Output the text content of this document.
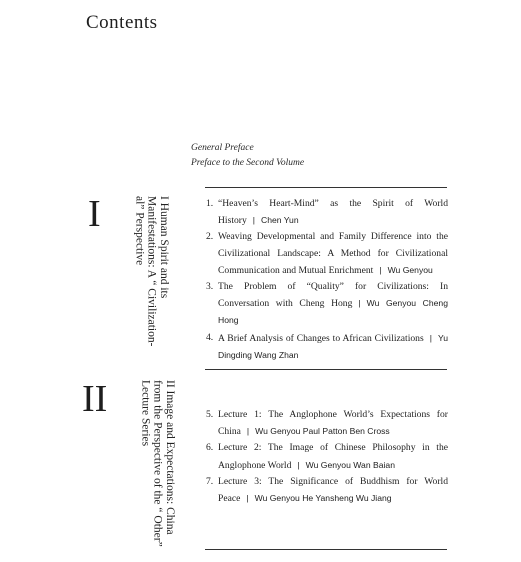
Contents
General Preface
Preface to the Second Volume
I	I Human Spirit and its Manifestations: A “ Civilization-al” Perspective
II	II Image and Expectations: China from the Perspective of the “ Other” Lecture Series
1. “Heaven’s Heart-Mind” as the Spirit of World History | Chen Yun
2. Weaving Developmental and Family Difference into the Civilizational Landscape: A Method for Civilizational Communication and Mutual Enrichment | Wu Genyou
3. The Problem of “Quality” for Civilizations: In Conversation with Cheng Hong | Wu Genyou Cheng Hong
4. A Brief Analysis of Changes to African Civilizations | Yu Dingding Wang Zhan
5. Lecture 1: The Anglophone World’s Expectations for China | Wu Genyou Paul Patton Ben Cross
6. Lecture 2: The Image of Chinese Philosophy in the Anglophone World | Wu Genyou Wan Baian
7. Lecture 3: The Significance of Buddhism for World Peace | Wu Genyou He Yansheng Wu Jiang
